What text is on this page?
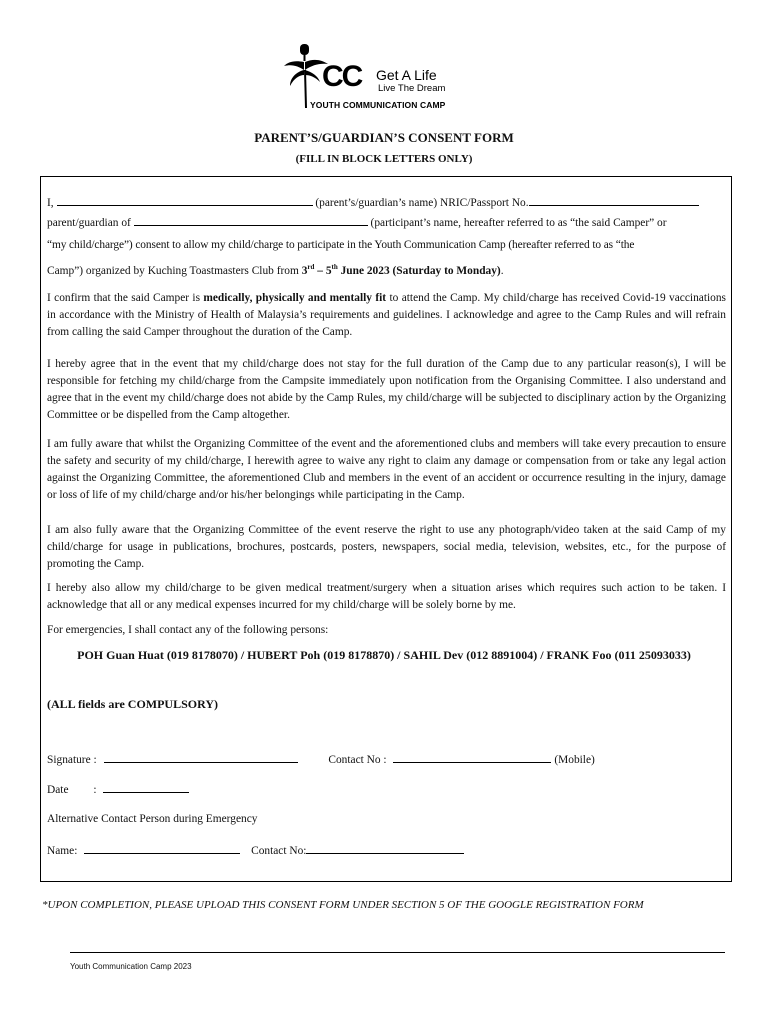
CC Get A Life
Live The Dream
YOUTH COMMUNICATION CAMP
PARENT’S/GUARDIAN’S CONSENT FORM
(FILL IN BLOCK LETTERS ONLY)
I,	(parent’s/guardian’s name) NRIC/Passport No.
parent/guardian of	(participant’s name, hereafter referred to as “the said Camper” or
“my child/charge”) consent to allow my child/charge to participate in the Youth Communication Camp (hereafter referred to as “the
Camp”) organized by Kuching Toastmasters Club from 3rd – 5th June 2023 (Saturday to Monday).
I confirm that the said Camper is medically, physically and mentally fit to attend the Camp. My child/charge has received Covid-19 vaccinations in accordance with the Ministry of Health of Malaysia’s requirements and guidelines. I acknowledge and agree to the Camp Rules and will refrain from calling the said Camper throughout the duration of the Camp.
I hereby agree that in the event that my child/charge does not stay for the full duration of the Camp due to any particular reason(s), I will be responsible for fetching my child/charge from the Campsite immediately upon notification from the Organising Committee. I also understand and agree that in the event my child/charge does not abide by the Camp Rules, my child/charge will be subjected to disciplinary action by the Organizing Committee or be dispelled from the Camp altogether.
I am fully aware that whilst the Organizing Committee of the event and the aforementioned clubs and members will take every precaution to ensure the safety and security of my child/charge, I herewith agree to waive any right to claim any damage or compensation from or take any legal action against the Organizing Committee, the aforementioned Club and members in the event of an accident or occurrence resulting in the injury, damage or loss of life of my child/charge and/or his/her belongings while participating in the Camp.
I am also fully aware that the Organizing Committee of the event reserve the right to use any photograph/video taken at the said Camp of my child/charge for usage in publications, brochures, postcards, posters, newspapers, social media, television, websites, etc., for the purpose of promoting the Camp.
I hereby also allow my child/charge to be given medical treatment/surgery when a situation arises which requires such action to be taken. I acknowledge that all or any medical expenses incurred for my child/charge will be solely borne by me.
For emergencies, I shall contact any of the following persons:
POH Guan Huat (019 8178070) / HUBERT Poh (019 8178870) / SAHIL Dev (012 8891004) / FRANK Foo (011 25093033)
(ALL fields are COMPULSORY)
Signature :	Contact No :	(Mobile)
Date :
Alternative Contact Person during Emergency
Name:	Contact No:
*UPON COMPLETION, PLEASE UPLOAD THIS CONSENT FORM UNDER SECTION 5 OF THE GOOGLE REGISTRATION FORM
Youth Communication Camp 2023
